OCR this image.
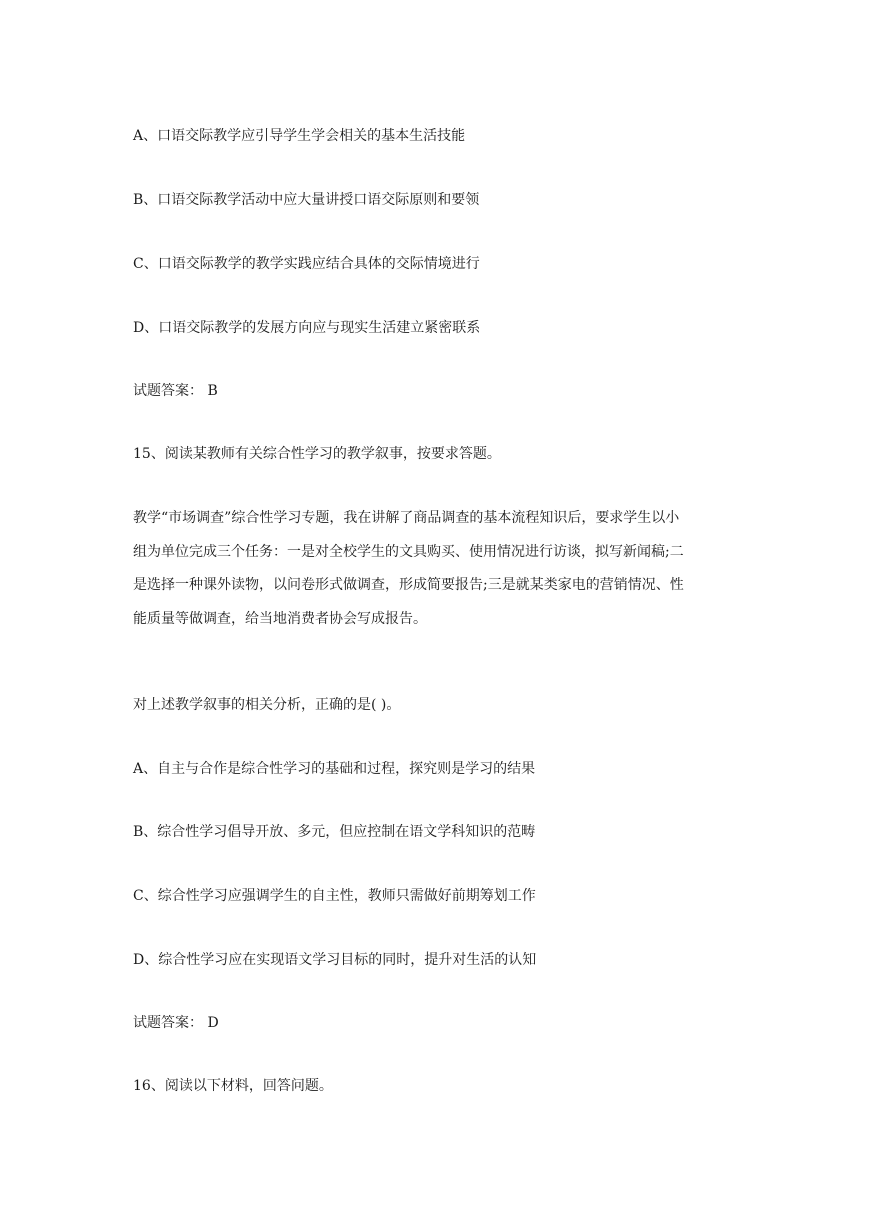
A、口语交际教学应引导学生学会相关的基本生活技能
B、口语交际教学活动中应大量讲授口语交际原则和要领
C、口语交际教学的教学实践应结合具体的交际情境进行
D、口语交际教学的发展方向应与现实生活建立紧密联系
试题答案： B
15、阅读某教师有关综合性学习的教学叙事，按要求答题。
教学“市场调查”综合性学习专题，我在讲解了商品调查的基本流程知识后，要求学生以小
组为单位完成三个任务：一是对全校学生的文具购买、使用情况进行访谈，拟写新闻稿;二
是选择一种课外读物，以问卷形式做调查，形成简要报告;三是就某类家电的营销情况、性
能质量等做调查，给当地消费者协会写成报告。
对上述教学叙事的相关分析，正确的是( )。
A、自主与合作是综合性学习的基础和过程，探究则是学习的结果
B、综合性学习倡导开放、多元，但应控制在语文学科知识的范畴
C、综合性学习应强调学生的自主性，教师只需做好前期筹划工作
D、综合性学习应在实现语文学习目标的同时，提升对生活的认知
试题答案： D
16、阅读以下材料，回答问题。
